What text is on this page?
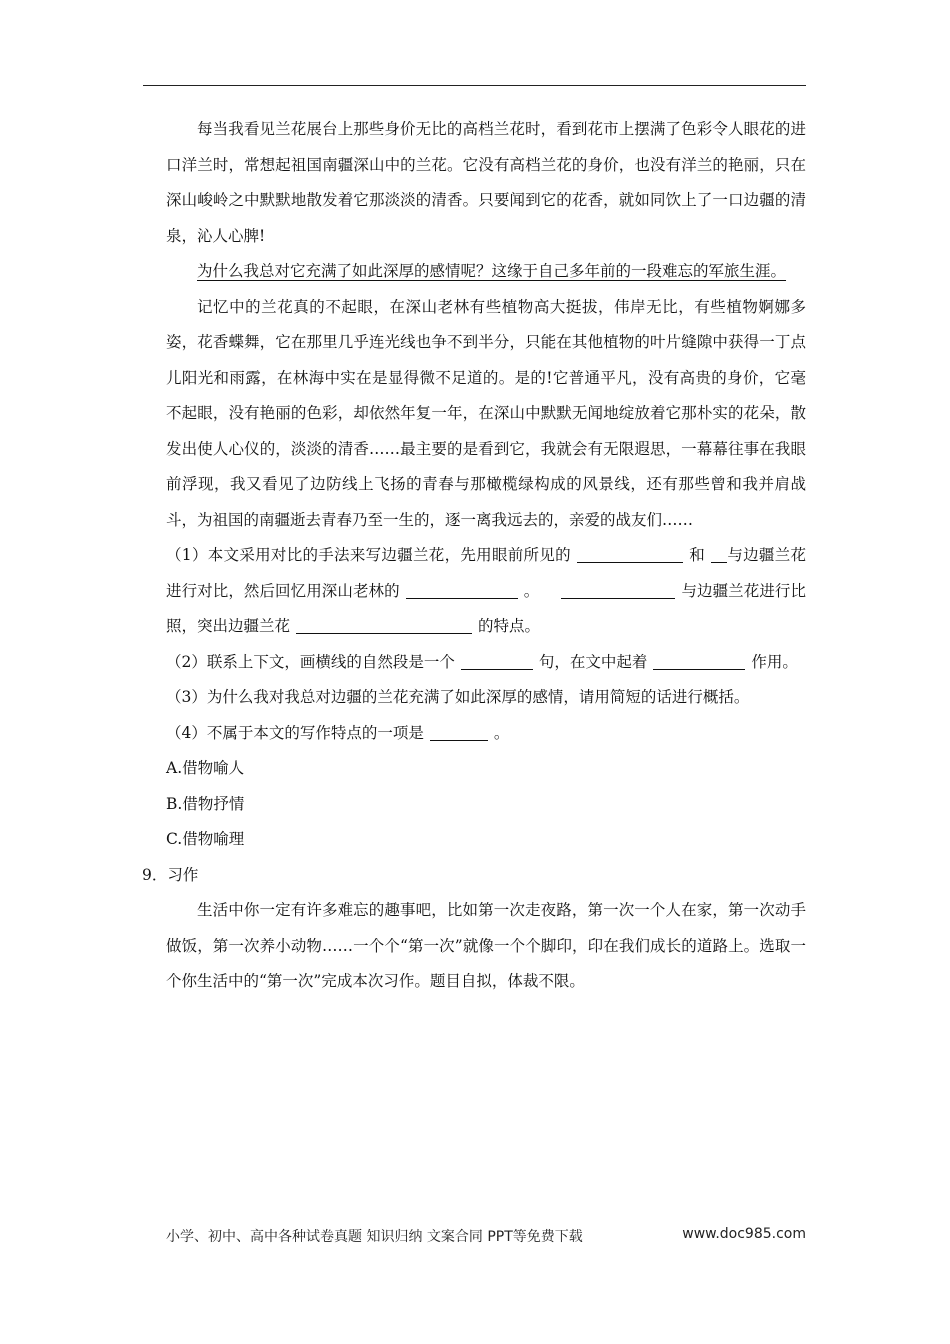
每当我看见兰花展台上那些身价无比的高档兰花时，看到花市上摆满了色彩令人眼花的进口洋兰时，常想起祖国南疆深山中的兰花。它没有高档兰花的身价，也没有洋兰的艳丽，只在深山峻岭之中默默地散发着它那淡淡的清香。只要闻到它的花香，就如同饮上了一口边疆的清泉，沁人心脾!

为什么我总对它充满了如此深厚的感情呢？这缘于自己多年前的一段难忘的军旅生涯。

记忆中的兰花真的不起眼，在深山老林有些植物高大挺拔，伟岸无比，有些植物婀娜多姿，花香蝶舞，它在那里几乎连光线也争不到半分，只能在其他植物的叶片缝隙中获得一丁点儿阳光和雨露，在林海中实在是显得微不足道的。是的!它普通平凡，没有高贵的身价，它毫不起眼，没有艳丽的色彩，却依然年复一年，在深山中默默无闻地绽放着它那朴实的花朵，散发出使人心仪的，淡淡的清香……最主要的是看到它，我就会有无限遐思，一幕幕往事在我眼前浮现，我又看见了边防线上飞扬的青春与那橄榄绿构成的风景线，还有那些曾和我并肩战斗，为祖国的南疆逝去青春乃至一生的，逐一离我远去的，亲爱的战友们……

（1）本文采用对比的手法来写边疆兰花，先用眼前所见的	和 与边疆兰花进行对比，然后回忆用深山老林的	。	与边疆兰花进行比照，突出边疆兰花	的特点。

（2）联系上下文，画横线的自然段是一个	句，在文中起着	作用。

（3）为什么我对我总对边疆的兰花充满了如此深厚的感情，请用简短的话进行概括。

（4）不属于本文的写作特点的一项是	。

A.借物喻人

B.借物抒情

C.借物喻理

9．习作

生活中你一定有许多难忘的趣事吧，比如第一次走夜路，第一次一个人在家，第一次动手做饭，第一次养小动物……一个个“第一次”就像一个个脚印，印在我们成长的道路上。选取一个你生活中的“第一次”完成本次习作。题目自拟，体裁不限。

小学、初中、高中各种试卷真题 知识归纳 文案合同 PPT等免费下载	www.doc985.com
